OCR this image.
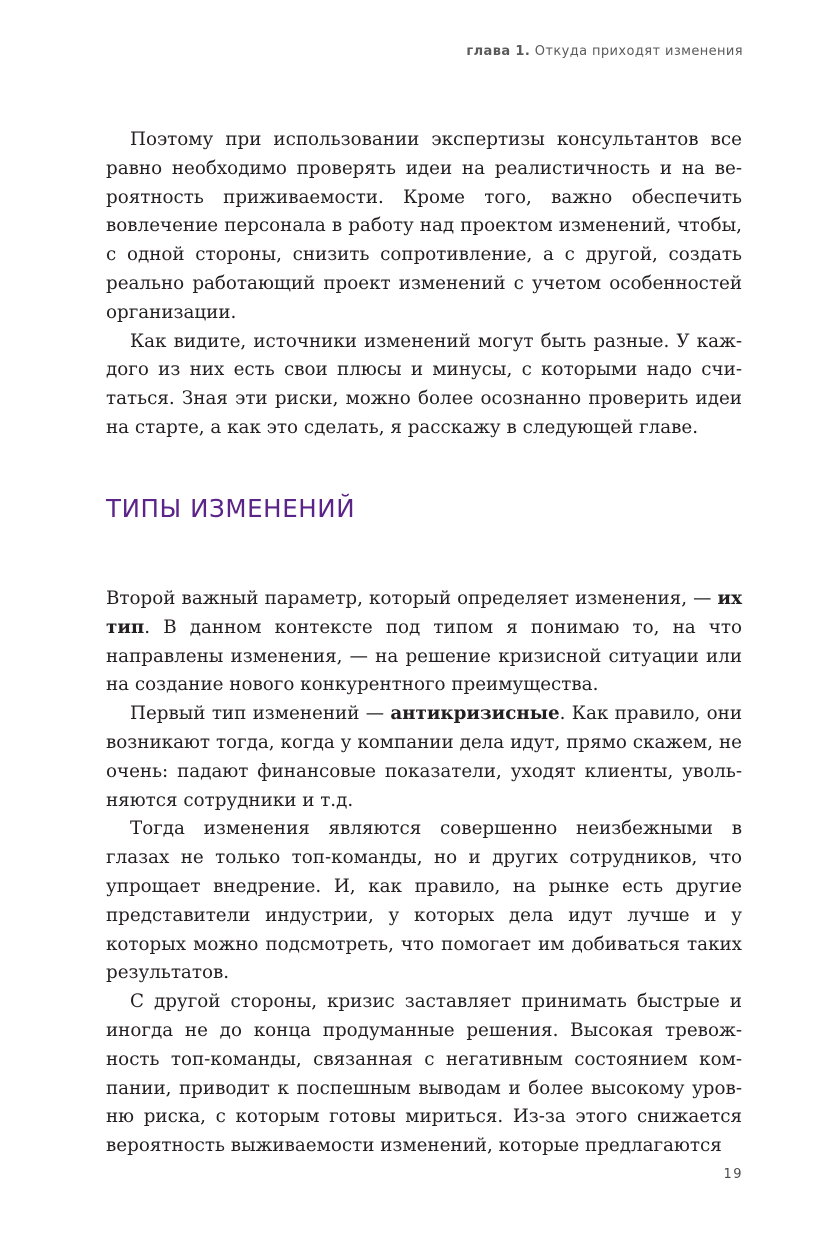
глава 1. Откуда приходят изменения

Поэтому при использовании экспертизы консультантов все равно необходимо проверять идеи на реалистичность и на вероятность приживаемости. Кроме того, важно обеспечить вовлечение персонала в работу над проектом изменений, чтобы, с одной стороны, снизить сопротивление, а с другой, создать реально работающий проект изменений с учетом особенностей организации.

Как видите, источники изменений могут быть разные. У каждого из них есть свои плюсы и минусы, с которыми надо считаться. Зная эти риски, можно более осознанно проверить идеи на старте, а как это сделать, я расскажу в следующей главе.

ТИПЫ ИЗМЕНЕНИЙ

Второй важный параметр, который определяет изменения, — их тип. В данном контексте под типом я понимаю то, на что направлены изменения, — на решение кризисной ситуации или на создание нового конкурентного преимущества.

Первый тип изменений — антикризисные. Как правило, они возникают тогда, когда у компании дела идут, прямо скажем, не очень: падают финансовые показатели, уходят клиенты, увольняются сотрудники и т.д.

Тогда изменения являются совершенно неизбежными в глазах не только топ-команды, но и других сотрудников, что упрощает внедрение. И, как правило, на рынке есть другие представители индустрии, у которых дела идут лучше и у которых можно подсмотреть, что помогает им добиваться таких результатов.

С другой стороны, кризис заставляет принимать быстрые и иногда не до конца продуманные решения. Высокая тревожность топ-команды, связанная с негативным состоянием компании, приводит к поспешным выводам и более высокому уровню риска, с которым готовы мириться. Из-за этого снижается вероятность выживаемости изменений, которые предлагаются

19
